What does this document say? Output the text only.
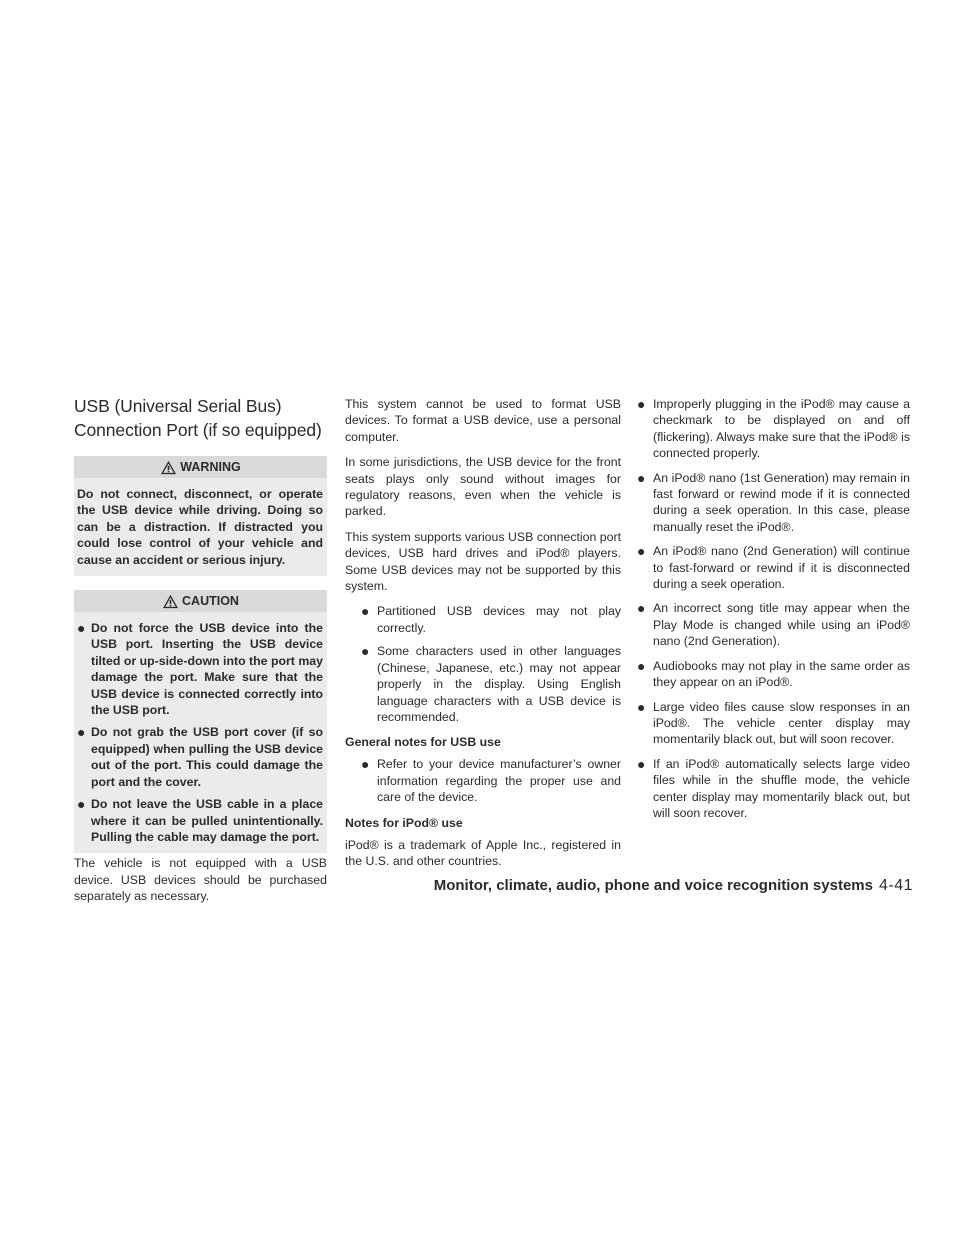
USB (Universal Serial Bus)
Connection Port (if so equipped)
WARNING
Do not connect, disconnect, or operate the USB device while driving. Doing so can be a distraction. If distracted you could lose control of your vehicle and cause an accident or serious injury.
CAUTION
● Do not force the USB device into the USB port. Inserting the USB device tilted or up-side-down into the port may damage the port. Make sure that the USB device is connected correctly into the USB port.
● Do not grab the USB port cover (if so equipped) when pulling the USB device out of the port. This could damage the port and the cover.
● Do not leave the USB cable in a place where it can be pulled unintentionally. Pulling the cable may damage the port.

The vehicle is not equipped with a USB device. USB devices should be purchased separately as necessary.

This system cannot be used to format USB devices. To format a USB device, use a personal computer.

In some jurisdictions, the USB device for the front seats plays only sound without images for regulatory reasons, even when the vehicle is parked.

This system supports various USB connection port devices, USB hard drives and iPod® players. Some USB devices may not be supported by this system.

● Partitioned USB devices may not play correctly.
● Some characters used in other languages (Chinese, Japanese, etc.) may not appear properly in the display. Using English language characters with a USB device is recommended.
General notes for USB use
● Refer to your device manufacturer’s owner information regarding the proper use and care of the device.
Notes for iPod® use

iPod® is a trademark of Apple Inc., registered in the U.S. and other countries.

● Improperly plugging in the iPod® may cause a checkmark to be displayed on and off (flickering). Always make sure that the iPod® is connected properly.
● An iPod® nano (1st Generation) may remain in fast forward or rewind mode if it is connected during a seek operation. In this case, please manually reset the iPod®.
● An iPod® nano (2nd Generation) will continue to fast-forward or rewind if it is disconnected during a seek operation.
● An incorrect song title may appear when the Play Mode is changed while using an iPod® nano (2nd Generation).
● Audiobooks may not play in the same order as they appear on an iPod®.
● Large video files cause slow responses in an iPod®. The vehicle center display may momentarily black out, but will soon recover.
● If an iPod® automatically selects large video files while in the shuffle mode, the vehicle center display may momentarily black out, but will soon recover.
Monitor, climate, audio, phone and voice recognition systems 4-41
